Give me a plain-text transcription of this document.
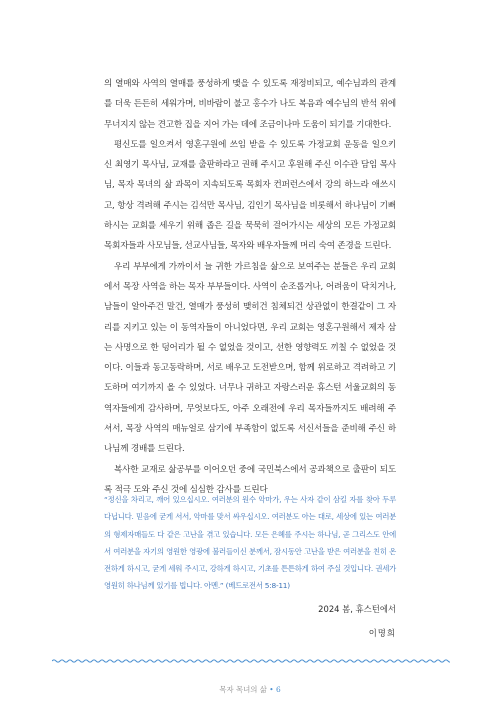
의 열매와 사역의 열매를 풍성하게 맺을 수 있도록 재정비되고, 예수님과의 관계를 더욱 든든히 세워가며, 비바람이 불고 홍수가 나도 복음과 예수님의 반석 위에 무너지지 않는 견고한 집을 지어 가는 데에 조금이나마 도움이 되기를 기대한다.

평신도를 일으켜서 영혼구원에 쓰임 받을 수 있도록 가정교회 운동을 일으키신 최영기 목사님, 교재를 출판하라고 권해 주시고 후원해 주신 이수관 담임 목사님, 목자 목녀의 삶 과목이 지속되도록 목회자 컨퍼런스에서 강의 하느라 애쓰시고, 항상 격려해 주시는 김석만 목사님, 김인기 목사님을 비롯해서 하나님이 기뻐하시는 교회를 세우기 위해 좁은 길을 묵묵히 걸어가시는 세상의 모든 가정교회 목회자들과 사모님들, 선교사님들, 목자와 배우자들께 머리 숙여 존경을 드린다.

우리 부부에게 가까이서 늘 귀한 가르침을 삶으로 보여주는 분들은 우리 교회에서 목장 사역을 하는 목자 부부들이다. 사역이 순조롭거나, 어려움이 닥치거나, 남들이 알아주건 말건, 열매가 풍성히 맺히건 침체되건 상관없이 한결같이 그 자리를 지키고 있는 이 동역자들이 아니었다면, 우리 교회는 영혼구원해서 제자 삼는 사명으로 한 덩어리가 될 수 없었을 것이고, 선한 영향력도 끼칠 수 없었을 것이다. 이들과 동고동락하며, 서로 배우고 도전받으며, 함께 위로하고 격려하고 기도하며 여기까지 올 수 있었다. 너무나 귀하고 자랑스러운 휴스턴 서울교회의 동역자들에게 감사하며, 무엇보다도, 아주 오래전에 우리 목자들까지도 배려해 주셔서, 목장 사역의 매뉴얼로 삼기에 부족함이 없도록 서신서들을 준비해 주신 하나님께 경배를 드린다.

복사한 교재로 삶공부를 이어오던 중에 국민북스에서 공과책으로 출판이 되도록 적극 도와 주신 것에 심심한 감사를 드린다

“정신을 차리고, 깨어 있으십시오. 여러분의 원수 악마가, 우는 사자 같이 삼킬 자를 찾아 두루 다닙니다. 믿음에 굳게 서서, 악마를 맞서 싸우십시오. 여러분도 아는 대로, 세상에 있는 여러분의 형제자매들도 다 같은 고난을 겪고 있습니다. 모든 은혜를 주시는 하나님, 곧 그리스도 안에서 여러분을 자기의 영원한 영광에 불러들이신 분께서, 잠시동안 고난을 받은 여러분을 친히 온전하게 하시고, 굳게 세워 주시고, 강하게 하시고, 기초를 튼튼하게 하여 주실 것입니다. 권세가 영원히 하나님께 있기를 빕니다. 아멘.” (베드로전서 5:8-11)

2024 봄, 휴스턴에서
이명희
목자 목녀의 삶 • 6
